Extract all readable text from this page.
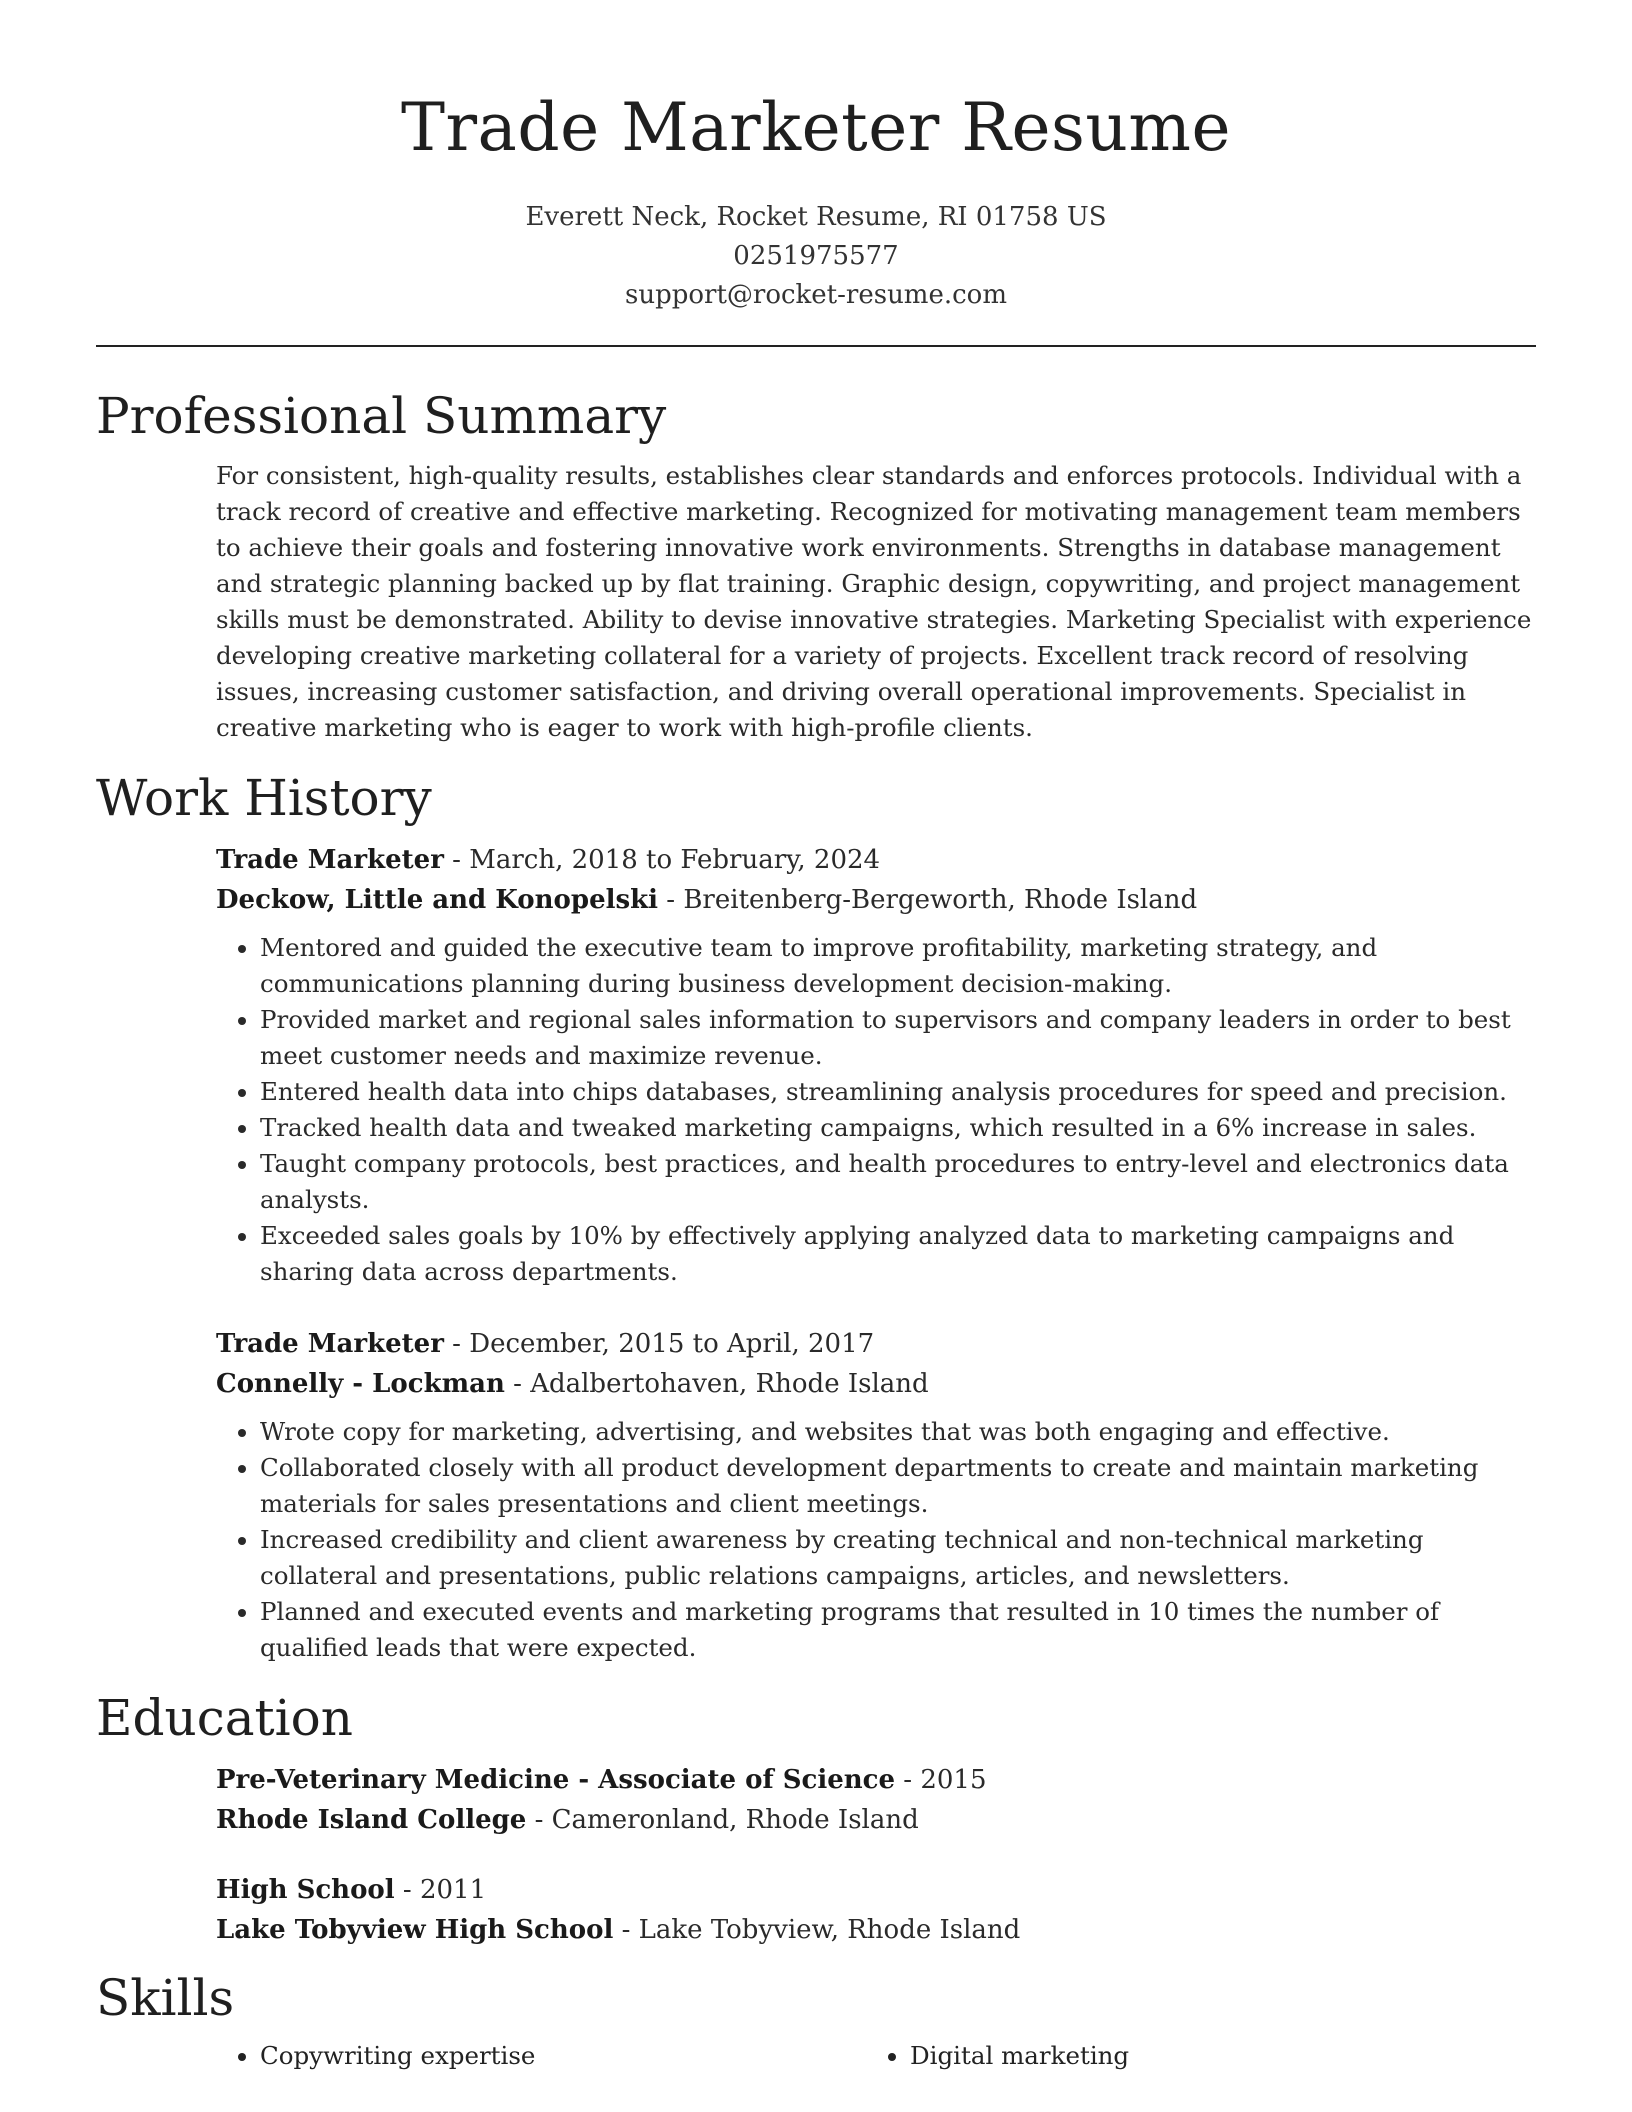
Trade Marketer Resume
Everett Neck, Rocket Resume, RI 01758 US
0251975577
support@rocket-resume.com
Professional Summary

For consistent, high-quality results, establishes clear standards and enforces protocols. Individual with a track record of creative and effective marketing. Recognized for motivating management team members to achieve their goals and fostering innovative work environments. Strengths in database management and strategic planning backed up by flat training. Graphic design, copywriting, and project management skills must be demonstrated. Ability to devise innovative strategies. Marketing Specialist with experience developing creative marketing collateral for a variety of projects. Excellent track record of resolving issues, increasing customer satisfaction, and driving overall operational improvements. Specialist in creative marketing who is eager to work with high-profile clients.

Work History
Trade Marketer - March, 2018 to February, 2024
Deckow, Little and Konopelski - Breitenberg-Bergeworth, Rhode Island
• Mentored and guided the executive team to improve profitability, marketing strategy, and communications planning during business development decision-making.
• Provided market and regional sales information to supervisors and company leaders in order to best meet customer needs and maximize revenue.
• Entered health data into chips databases, streamlining analysis procedures for speed and precision.
• Tracked health data and tweaked marketing campaigns, which resulted in a 6% increase in sales.
• Taught company protocols, best practices, and health procedures to entry-level and electronics data analysts.
• Exceeded sales goals by 10% by effectively applying analyzed data to marketing campaigns and sharing data across departments.
Trade Marketer - December, 2015 to April, 2017
Connelly - Lockman - Adalbertohaven, Rhode Island
• Wrote copy for marketing, advertising, and websites that was both engaging and effective.
• Collaborated closely with all product development departments to create and maintain marketing materials for sales presentations and client meetings.
• Increased credibility and client awareness by creating technical and non-technical marketing collateral and presentations, public relations campaigns, articles, and newsletters.
• Planned and executed events and marketing programs that resulted in 10 times the number of qualified leads that were expected.
Education
Pre-Veterinary Medicine - Associate of Science - 2015
Rhode Island College - Cameronland, Rhode Island
High School - 2011
Lake Tobyview High School - Lake Tobyview, Rhode Island
Skills
• Copywriting expertise
•	Digital marketing
